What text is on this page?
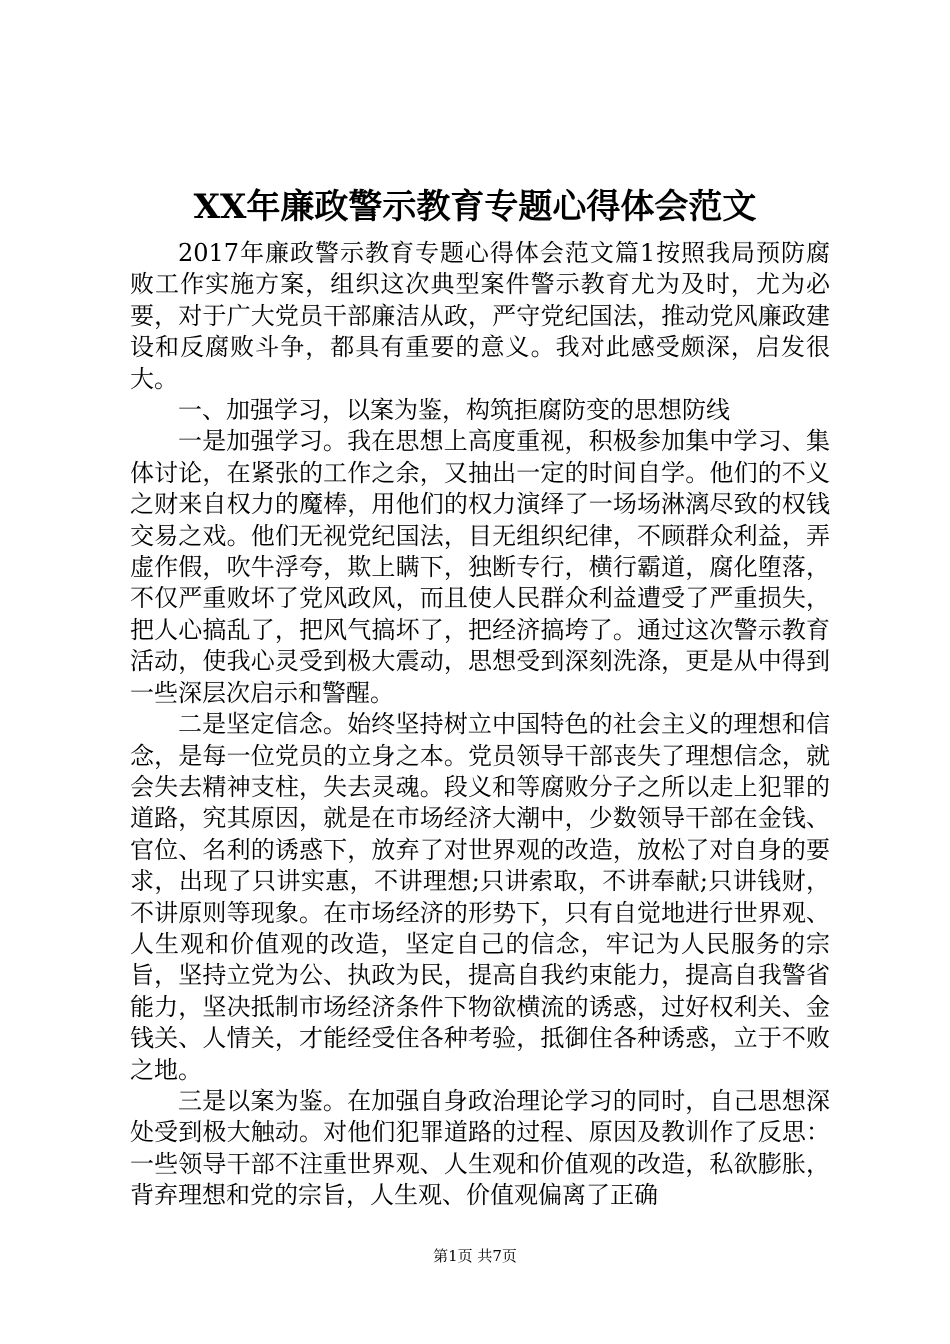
XX年廉政警示教育专题心得体会范文

2017年廉政警示教育专题心得体会范文篇1按照我局预防腐败工作实施方案，组织这次典型案件警示教育尤为及时，尤为必要，对于广大党员干部廉洁从政，严守党纪国法，推动党风廉政建设和反腐败斗争，都具有重要的意义。我对此感受颇深，启发很大。

一、加强学习，以案为鉴，构筑拒腐防变的思想防线

一是加强学习。我在思想上高度重视，积极参加集中学习、集体讨论，在紧张的工作之余，又抽出一定的时间自学。他们的不义之财来自权力的魔棒，用他们的权力演绎了一场场淋漓尽致的权钱交易之戏。他们无视党纪国法，目无组织纪律，不顾群众利益，弄虚作假，吹牛浮夸，欺上瞒下，独断专行，横行霸道，腐化堕落，不仅严重败坏了党风政风，而且使人民群众利益遭受了严重损失，把人心搞乱了，把风气搞坏了，把经济搞垮了。通过这次警示教育活动，使我心灵受到极大震动，思想受到深刻洗涤，更是从中得到一些深层次启示和警醒。

二是坚定信念。始终坚持树立中国特色的社会主义的理想和信念，是每一位党员的立身之本。党员领导干部丧失了理想信念，就会失去精神支柱，失去灵魂。段义和等腐败分子之所以走上犯罪的道路，究其原因，就是在市场经济大潮中，少数领导干部在金钱、官位、名利的诱惑下，放弃了对世界观的改造，放松了对自身的要求，出现了只讲实惠，不讲理想;只讲索取，不讲奉献;只讲钱财，不讲原则等现象。在市场经济的形势下，只有自觉地进行世界观、人生观和价值观的改造，坚定自己的信念，牢记为人民服务的宗旨，坚持立党为公、执政为民，提高自我约束能力，提高自我警省能力，坚决抵制市场经济条件下物欲横流的诱惑，过好权利关、金钱关、人情关，才能经受住各种考验，抵御住各种诱惑，立于不败之地。

三是以案为鉴。在加强自身政治理论学习的同时，自己思想深处受到极大触动。对他们犯罪道路的过程、原因及教训作了反思：一些领导干部不注重世界观、人生观和价值观的改造，私欲膨胀，背弃理想和党的宗旨，人生观、价值观偏离了正确

第1页 共7页
